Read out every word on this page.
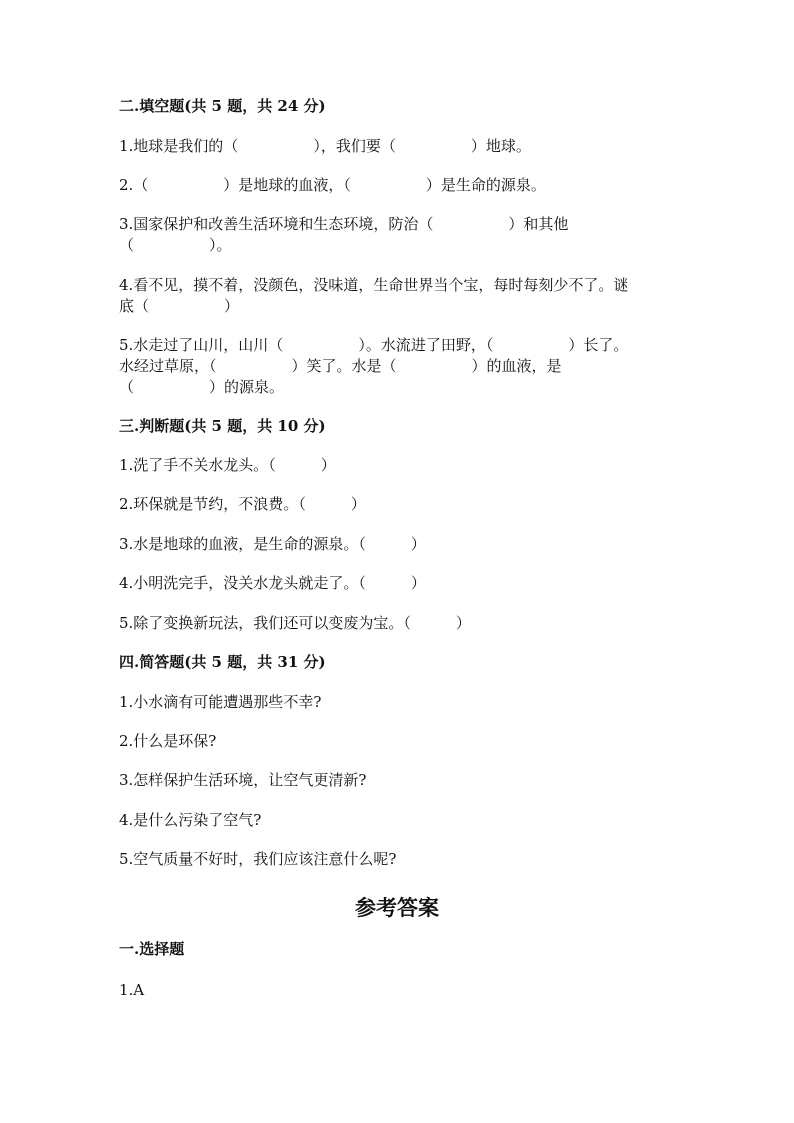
二.填空题(共 5 题，共 24 分)

1.地球是我们的（　　　　　），我们要（　　　　　）地球。

2.（　　　　　）是地球的血液，（　　　　　）是生命的源泉。

3.国家保护和改善生活环境和生态环境，防治（　　　　　）和其他

（　　　　　）。

4.看不见，摸不着，没颜色，没味道，生命世界当个宝，每时每刻少不了。谜

底（　　　　　）

5.水走过了山川，山川（　　　　　）。水流进了田野，（　　　　　）长了。

水经过草原，（　　　　　）笑了。水是（　　　　　）的血液，是

（　　　　　）的源泉。

三.判断题(共 5 题，共 10 分)

1.洗了手不关水龙头。（　　　）

2.环保就是节约，不浪费。（　　　）

3.水是地球的血液，是生命的源泉。（　　　）

4.小明洗完手，没关水龙头就走了。（　　　）

5.除了变换新玩法，我们还可以变废为宝。（　　　）

四.简答题(共 5 题，共 31 分)

1.小水滴有可能遭遇那些不幸?

2.什么是环保?

3.怎样保护生活环境，让空气更清新?

4.是什么污染了空气?

5.空气质量不好时，我们应该注意什么呢?

参考答案

一.选择题

1.A
